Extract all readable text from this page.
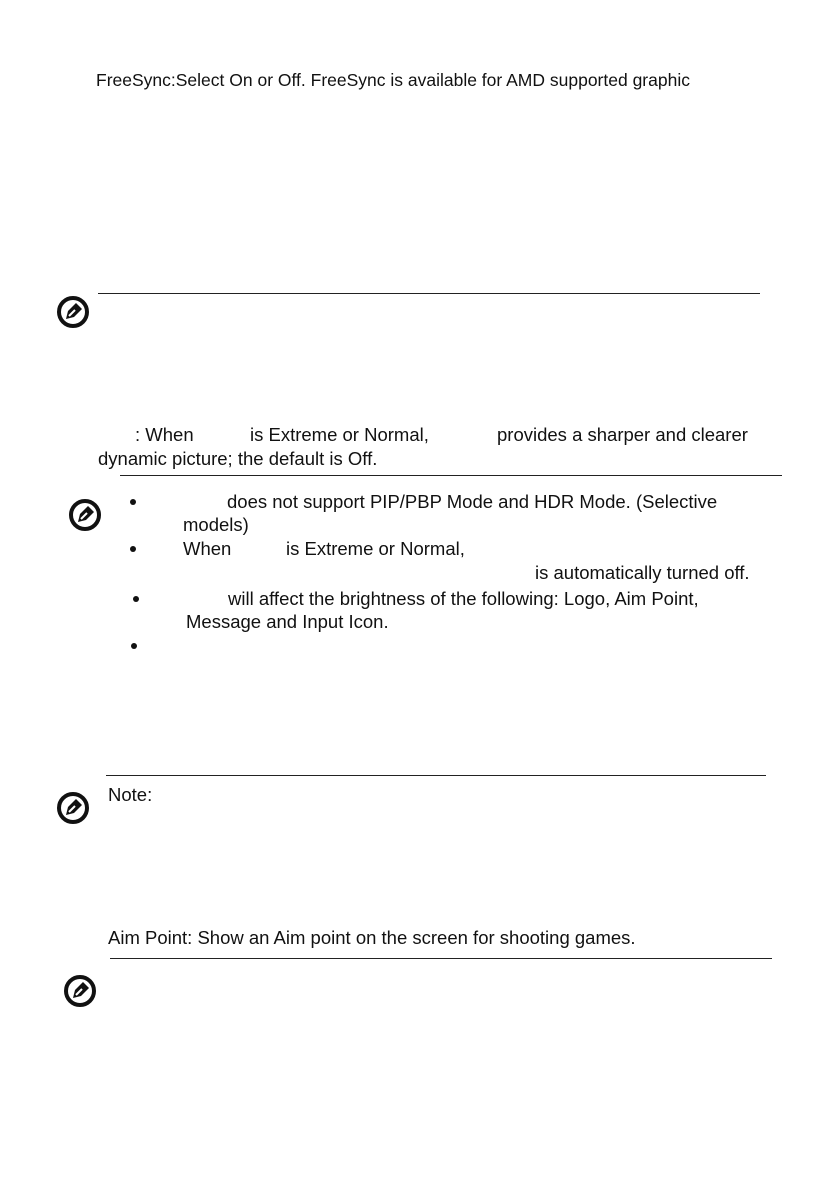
FreeSync:Select On or Off. FreeSync is available for AMD supported graphic
: When	is Extreme or Normal,	provides a sharper and clearer
dynamic picture; the default is Off.
does not support PIP/PBP Mode and HDR Mode. (Selective
models)
When	is Extreme or Normal,
is automatically turned off.
will affect the brightness of the following: Logo, Aim Point,
Message and Input Icon.
Note:
Aim Point: Show an Aim point on the screen for shooting games.
